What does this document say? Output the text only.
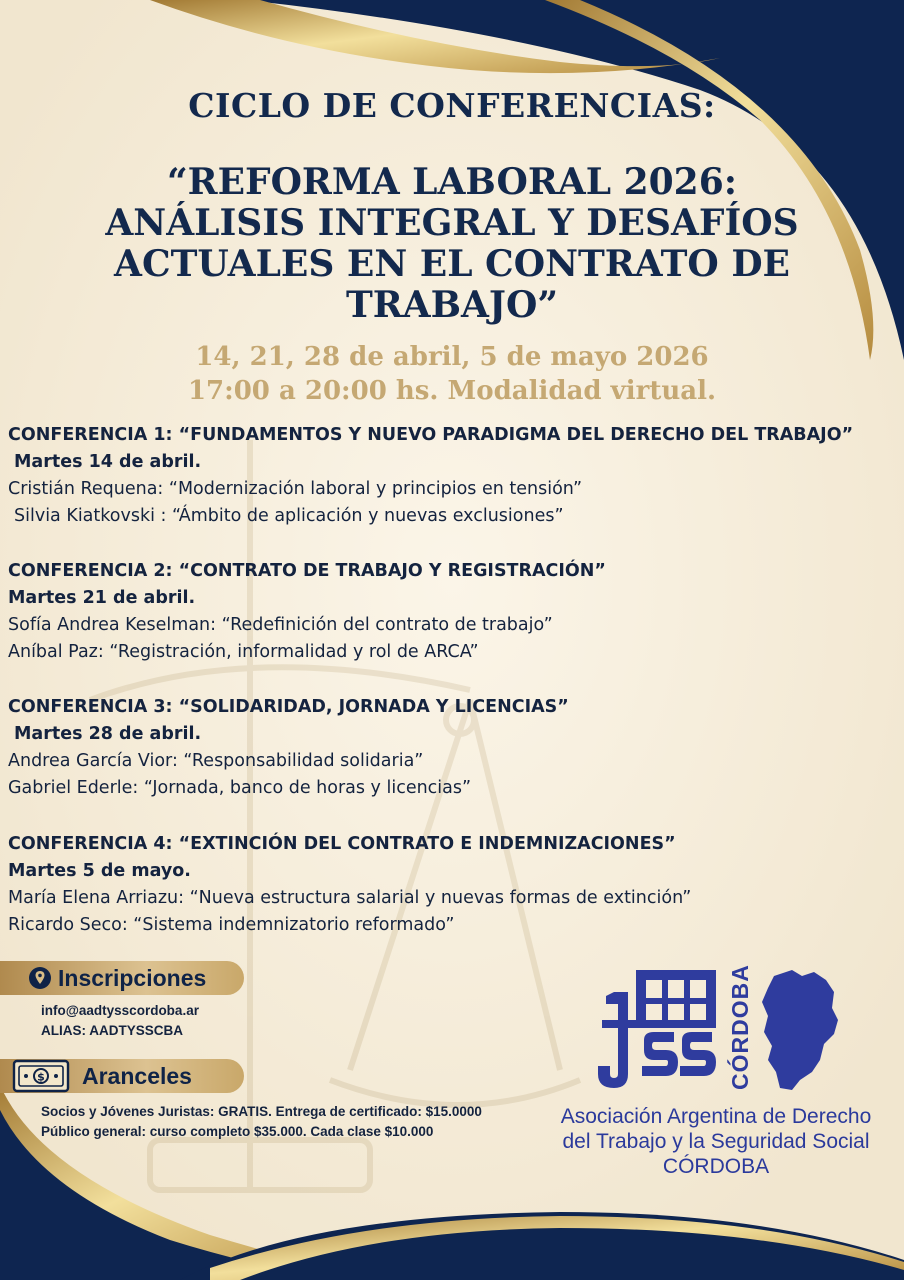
CICLO DE CONFERENCIAS:
“REFORMA LABORAL 2026:
ANÁLISIS INTEGRAL Y DESAFÍOS
ACTUALES EN EL CONTRATO DE
TRABAJO”
14, 21, 28 de abril, 5 de mayo 2026
17:00 a 20:00 hs. Modalidad virtual.
CONFERENCIA 1: “FUNDAMENTOS Y NUEVO PARADIGMA DEL DERECHO DEL TRABAJO”
Martes 14 de abril.
Cristián Requena: “Modernización laboral y principios en tensión”
Silvia Kiatkovski : “Ámbito de aplicación y nuevas exclusiones”
CONFERENCIA 2: “CONTRATO DE TRABAJO Y REGISTRACIÓN”
Martes 21 de abril.
Sofía Andrea Keselman: “Redefinición del contrato de trabajo”
Aníbal Paz: “Registración, informalidad y rol de ARCA”
CONFERENCIA 3: “SOLIDARIDAD, JORNADA Y LICENCIAS”
Martes 28 de abril.
Andrea García Vior: “Responsabilidad solidaria”
Gabriel Ederle: “Jornada, banco de horas y licencias”
CONFERENCIA 4: “EXTINCIÓN DEL CONTRATO E INDEMNIZACIONES”
Martes 5 de mayo.
María Elena Arriazu: “Nueva estructura salarial y nuevas formas de extinción”
Ricardo Seco: “Sistema indemnizatorio reformado”
Inscripciones
info@aadtysscordoba.ar
ALIAS: AADTYSSCBA
Aranceles
$
Socios y Jóvenes Juristas: GRATIS. Entrega de certificado: $15.0000
Público general: curso completo $35.000. Cada clase $10.000
CÓRDOBA
Asociación Argentina de Derecho
del Trabajo y la Seguridad Social
CÓRDOBA
